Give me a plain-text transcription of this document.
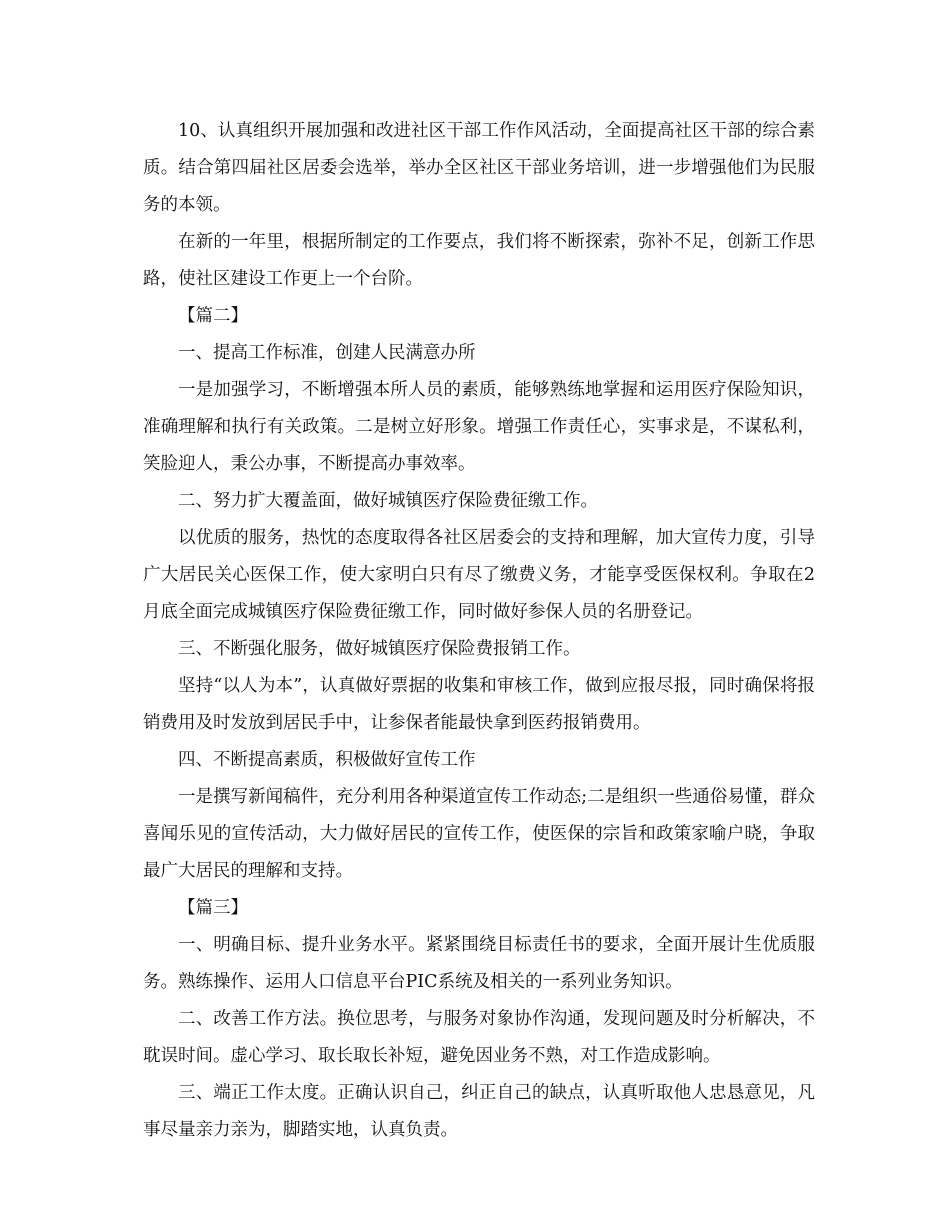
10、认真组织开展加强和改进社区干部工作作风活动，全面提高社区干部的综合素质。结合第四届社区居委会选举，举办全区社区干部业务培训，进一步增强他们为民服务的本领。

在新的一年里，根据所制定的工作要点，我们将不断探索，弥补不足，创新工作思路，使社区建设工作更上一个台阶。

【篇二】

一、提高工作标准，创建人民满意办所

一是加强学习，不断增强本所人员的素质，能够熟练地掌握和运用医疗保险知识，准确理解和执行有关政策。二是树立好形象。增强工作责任心，实事求是，不谋私利，笑脸迎人，秉公办事，不断提高办事效率。

二、努力扩大覆盖面，做好城镇医疗保险费征缴工作。

以优质的服务，热忱的态度取得各社区居委会的支持和理解，加大宣传力度，引导广大居民关心医保工作，使大家明白只有尽了缴费义务，才能享受医保权利。争取在2月底全面完成城镇医疗保险费征缴工作，同时做好参保人员的名册登记。

三、不断强化服务，做好城镇医疗保险费报销工作。

坚持“以人为本”，认真做好票据的收集和审核工作，做到应报尽报，同时确保将报销费用及时发放到居民手中，让参保者能最快拿到医药报销费用。

四、不断提高素质，积极做好宣传工作

一是撰写新闻稿件，充分利用各种渠道宣传工作动态;二是组织一些通俗易懂，群众喜闻乐见的宣传活动，大力做好居民的宣传工作，使医保的宗旨和政策家喻户晓，争取最广大居民的理解和支持。

【篇三】

一、明确目标、提升业务水平。紧紧围绕目标责任书的要求，全面开展计生优质服务。熟练操作、运用人口信息平台PIC系统及相关的一系列业务知识。

二、改善工作方法。换位思考，与服务对象协作沟通，发现问题及时分析解决，不耽误时间。虚心学习、取长取长补短，避免因业务不熟，对工作造成影响。

三、端正工作太度。正确认识自己，纠正自己的缺点，认真听取他人忠恳意见，凡事尽量亲力亲为，脚踏实地，认真负责。
